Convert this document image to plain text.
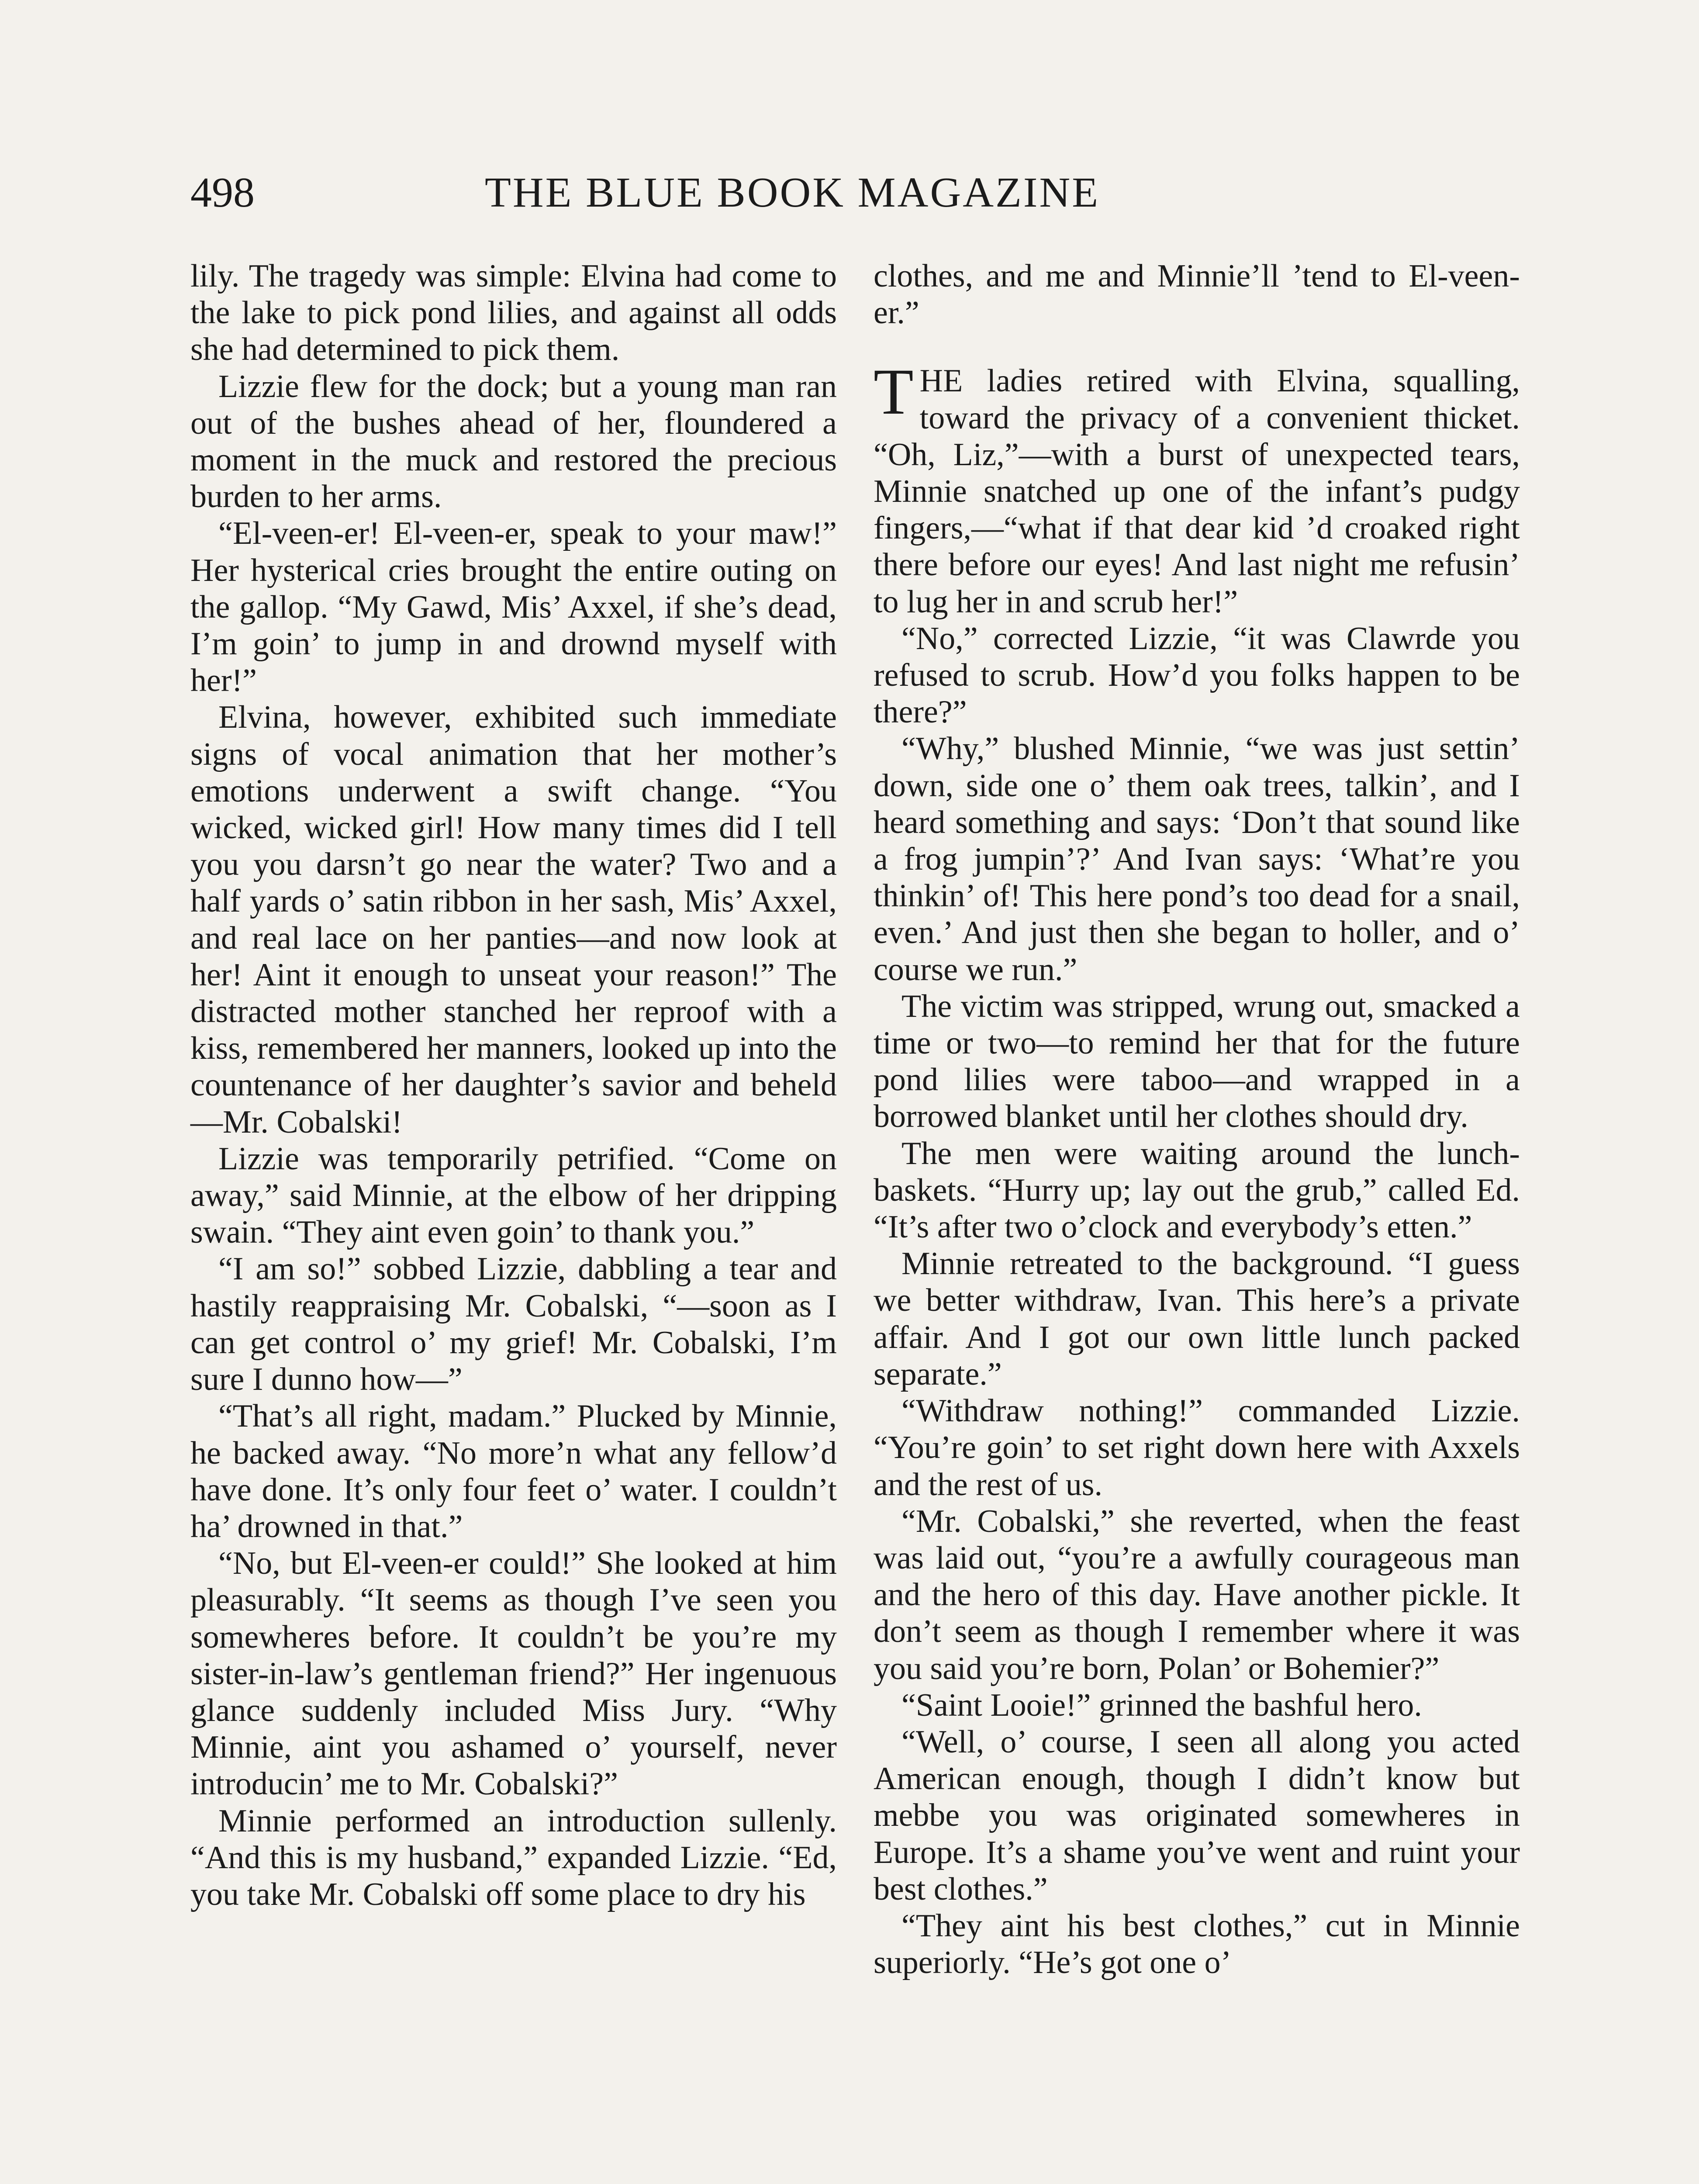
498	THE BLUE BOOK MAGAZINE

lily. The tragedy was simple: Elvina had come to the lake to pick pond lilies, and against all odds she had determined to pick them.

Lizzie flew for the dock; but a young man ran out of the bushes ahead of her, floundered a moment in the muck and restored the precious burden to her arms.

“El-veen-er! El-veen-er, speak to your maw!” Her hysterical cries brought the entire outing on the gallop. “My Gawd, Mis’ Axxel, if she’s dead, I’m goin’ to jump in and drownd myself with her!”

Elvina, however, exhibited such immediate signs of vocal animation that her mother’s emotions underwent a swift change. “You wicked, wicked girl! How many times did I tell you you darsn’t go near the water? Two and a half yards o’ satin ribbon in her sash, Mis’ Axxel, and real lace on her panties—and now look at her! Aint it enough to unseat your reason!” The distracted mother stanched her reproof with a kiss, remembered her manners, looked up into the countenance of her daughter’s savior and beheld—Mr. Cobalski!

Lizzie was temporarily petrified. “Come on away,” said Minnie, at the elbow of her dripping swain. “They aint even goin’ to thank you.”

“I am so!” sobbed Lizzie, dabbling a tear and hastily reappraising Mr. Cobalski, “—soon as I can get control o’ my grief! Mr. Cobalski, I’m sure I dunno how—”

“That’s all right, madam.” Plucked by Minnie, he backed away. “No more’n what any fellow’d have done. It’s only four feet o’ water. I couldn’t ha’ drowned in that.”

“No, but El-veen-er could!” She looked at him pleasurably. “It seems as though I’ve seen you somewheres before. It couldn’t be you’re my sister-in-law’s gentleman friend?” Her ingenuous glance suddenly included Miss Jury. “Why Minnie, aint you ashamed o’ yourself, never introducin’ me to Mr. Cobalski?”

Minnie performed an introduction sullenly. “And this is my husband,” expanded Lizzie. “Ed, you take Mr. Cobalski off some place to dry his

clothes, and me and Minnie’ll ’tend to El-veen-er.”

THE ladies retired with Elvina, squalling, toward the privacy of a convenient thicket. “Oh, Liz,”—with a burst of unexpected tears, Minnie snatched up one of the infant’s pudgy fingers,—“what if that dear kid ’d croaked right there before our eyes! And last night me refusin’ to lug her in and scrub her!”

“No,” corrected Lizzie, “it was Clawrde you refused to scrub. How’d you folks happen to be there?”

“Why,” blushed Minnie, “we was just settin’ down, side one o’ them oak trees, talkin’, and I heard something and says: ‘Don’t that sound like a frog jumpin’?’ And Ivan says: ‘What’re you thinkin’ of! This here pond’s too dead for a snail, even.’ And just then she began to holler, and o’ course we run.”

The victim was stripped, wrung out, smacked a time or two—to remind her that for the future pond lilies were taboo—and wrapped in a borrowed blanket until her clothes should dry.

The men were waiting around the lunch-baskets. “Hurry up; lay out the grub,” called Ed. “It’s after two o’clock and everybody’s etten.”

Minnie retreated to the background. “I guess we better withdraw, Ivan. This here’s a private affair. And I got our own little lunch packed separate.”

“Withdraw nothing!” commanded Lizzie. “You’re goin’ to set right down here with Axxels and the rest of us.

“Mr. Cobalski,” she reverted, when the feast was laid out, “you’re a awfully courageous man and the hero of this day. Have another pickle. It don’t seem as though I remember where it was you said you’re born, Polan’ or Bohemier?”

“Saint Looie!” grinned the bashful hero.

“Well, o’ course, I seen all along you acted American enough, though I didn’t know but mebbe you was originated somewheres in Europe. It’s a shame you’ve went and ruint your best clothes.”

“They aint his best clothes,” cut in Minnie superiorly. “He’s got one o’
